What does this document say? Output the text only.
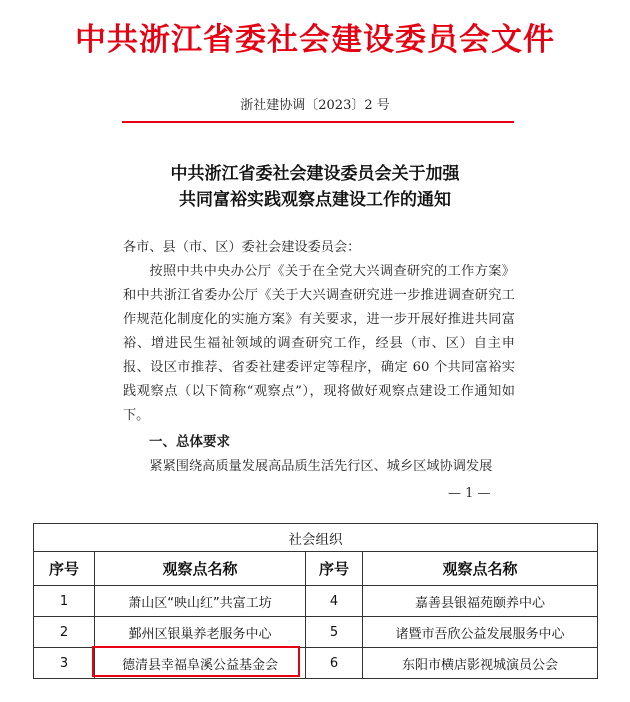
中共浙江省委社会建设委员会文件
浙社建协调〔2023〕2 号
中共浙江省委社会建设委员会关于加强
共同富裕实践观察点建设工作的通知
各市、县（市、区）委社会建设委员会：
按照中共中央办公厅《关于在全党大兴调查研究的工作方案》和中共浙江省委办公厅《关于大兴调查研究进一步推进调查研究工作规范化制度化的实施方案》有关要求，进一步开展好推进共同富裕、增进民生福祉领域的调查研究工作，经县（市、区）自主申报、设区市推荐、省委社建委评定等程序，确定 60 个共同富裕实践观察点（以下简称“观察点”），现将做好观察点建设工作通知如下。
一、总体要求
紧紧围绕高质量发展高品质生活先行区、城乡区域协调发展
— 1 —
社会组织			
序号	观察点名称	序号	观察点名称
1	萧山区“映山红”共富工坊	4	嘉善县银福苑颐养中心
2	鄞州区银巢养老服务中心	5	诸暨市吾欣公益发展服务中心
3	德清县幸福阜溪公益基金会	6	东阳市横店影视城演员公会
